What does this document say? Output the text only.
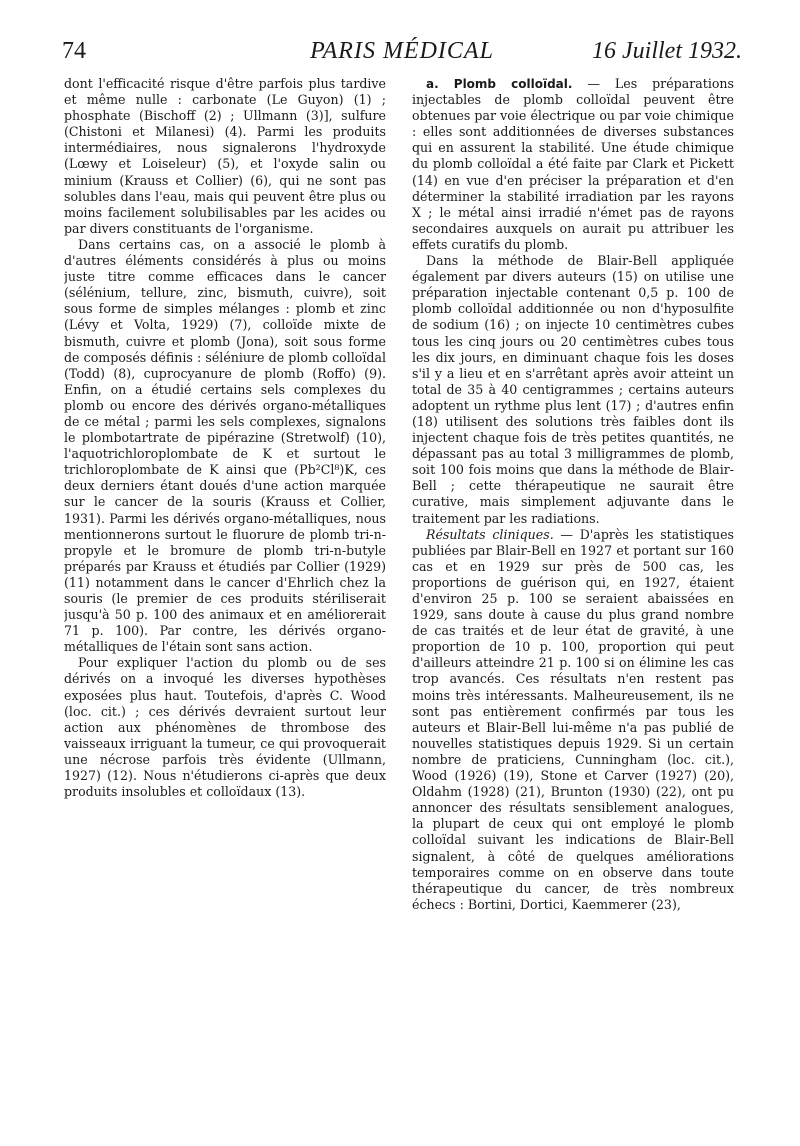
74	PARIS MÉDICAL	16 Juillet 1932.

dont l'efficacité risque d'être parfois plus tardive et même nulle : carbonate (Le Guyon) (1) ; phosphate (Bischoff (2) ; Ullmann (3)], sulfure (Chistoni et Milanesi) (4). Parmi les produits intermédiaires, nous signalerons l'hydroxyde (Lœwy et Loiseleur) (5), et l'oxyde salin ou minium (Krauss et Collier) (6), qui ne sont pas solubles dans l'eau, mais qui peuvent être plus ou moins facilement solubilisables par les acides ou par divers constituants de l'organisme.

Dans certains cas, on a associé le plomb à d'autres éléments considérés à plus ou moins juste titre comme efficaces dans le cancer (sélénium, tellure, zinc, bismuth, cuivre), soit sous forme de simples mélanges : plomb et zinc (Lévy et Volta, 1929) (7), colloïde mixte de bismuth, cuivre et plomb (Jona), soit sous forme de composés définis : séléniure de plomb colloïdal (Todd) (8), cuprocyanure de plomb (Roffo) (9). Enfin, on a étudié certains sels complexes du plomb ou encore des dérivés organo-métalliques de ce métal ; parmi les sels complexes, signalons le plombotartrate de pipérazine (Stretwolf) (10), l'aquotrichloroplombate de K et surtout le trichloroplombate de K ainsi que (Pb²Cl⁸)K, ces deux derniers étant doués d'une action marquée sur le cancer de la souris (Krauss et Collier, 1931). Parmi les dérivés organo-métalliques, nous mentionnerons surtout le fluorure de plomb tri-n-propyle et le bromure de plomb tri-n-butyle préparés par Krauss et étudiés par Collier (1929) (11) notamment dans le cancer d'Ehrlich chez la souris (le premier de ces produits stériliserait jusqu'à 50 p. 100 des animaux et en améliorerait 71 p. 100). Par contre, les dérivés organo-métalliques de l'étain sont sans action.

Pour expliquer l'action du plomb ou de ses dérivés on a invoqué les diverses hypothèses exposées plus haut. Toutefois, d'après C. Wood (loc. cit.) ; ces dérivés devraient surtout leur action aux phénomènes de thrombose des vaisseaux irriguant la tumeur, ce qui provoquerait une nécrose parfois très évidente (Ullmann, 1927) (12). Nous n'étudierons ci-après que deux produits insolubles et colloïdaux (13).

a. Plomb colloïdal. — Les préparations injectables de plomb colloïdal peuvent être obtenues par voie électrique ou par voie chimique : elles sont additionnées de diverses substances qui en assurent la stabilité. Une étude chimique du plomb colloïdal a été faite par Clark et Pickett (14) en vue d'en préciser la préparation et d'en déterminer la stabilité irradiation par les rayons X ; le métal ainsi irradié n'émet pas de rayons secondaires auxquels on aurait pu attribuer les effets curatifs du plomb.

Dans la méthode de Blair-Bell appliquée également par divers auteurs (15) on utilise une préparation injectable contenant 0,5 p. 100 de plomb colloïdal additionnée ou non d'hyposulfite de sodium (16) ; on injecte 10 centimètres cubes tous les cinq jours ou 20 centimètres cubes tous les dix jours, en diminuant chaque fois les doses s'il y a lieu et en s'arrêtant après avoir atteint un total de 35 à 40 centigrammes ; certains auteurs adoptent un rythme plus lent (17) ; d'autres enfin (18) utilisent des solutions très faibles dont ils injectent chaque fois de très petites quantités, ne dépassant pas au total 3 milligrammes de plomb, soit 100 fois moins que dans la méthode de Blair-Bell ; cette thérapeutique ne saurait être curative, mais simplement adjuvante dans le traitement par les radiations.

Résultats cliniques. — D'après les statistiques publiées par Blair-Bell en 1927 et portant sur 160 cas et en 1929 sur près de 500 cas, les proportions de guérison qui, en 1927, étaient d'environ 25 p. 100 se seraient abaissées en 1929, sans doute à cause du plus grand nombre de cas traités et de leur état de gravité, à une proportion de 10 p. 100, proportion qui peut d'ailleurs atteindre 21 p. 100 si on élimine les cas trop avancés. Ces résultats n'en restent pas moins très intéressants. Malheureusement, ils ne sont pas entièrement confirmés par tous les auteurs et Blair-Bell lui-même n'a pas publié de nouvelles statistiques depuis 1929. Si un certain nombre de praticiens, Cunningham (loc. cit.), Wood (1926) (19), Stone et Carver (1927) (20), Oldahm (1928) (21), Brunton (1930) (22), ont pu annoncer des résultats sensiblement analogues, la plupart de ceux qui ont employé le plomb colloïdal suivant les indications de Blair-Bell signalent, à côté de quelques améliorations temporaires comme on en observe dans toute thérapeutique du cancer, de très nombreux échecs : Bortini, Dortici, Kaemmerer (23),
